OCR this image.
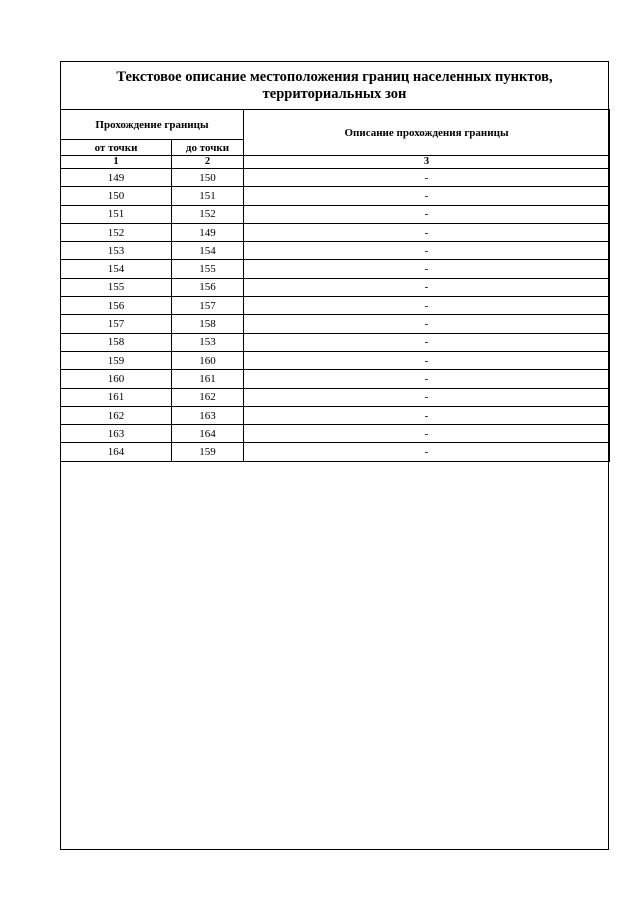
Текстовое описание местоположения границ населенных пунктов, территориальных зон
Прохождение границы		Описание прохождения границы
от точки	до точки	
1	2	3
149	150	-
150	151	-
151	152	-
152	149	-
153	154	-
154	155	-
155	156	-
156	157	-
157	158	-
158	153	-
159	160	-
160	161	-
161	162	-
162	163	-
163	164	-
164	159	-
